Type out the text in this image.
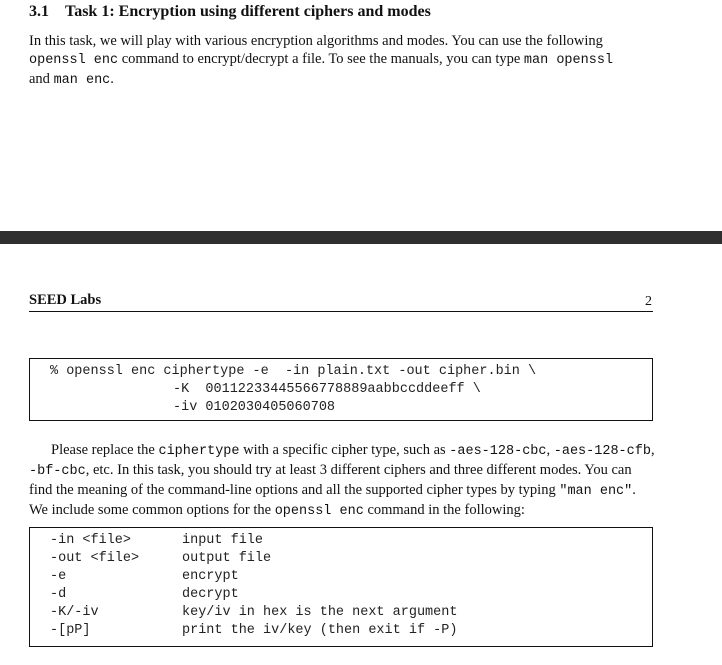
3.1 Task 1: Encryption using different ciphers and modes
In this task, we will play with various encryption algorithms and modes. You can use the following
openssl enc command to encrypt/decrypt a file. To see the manuals, you can type man openssl
and man enc.
SEED Labs	2
% openssl enc ciphertype -e  -in plain.txt -out cipher.bin \
-K  00112233445566778889aabbccddeeff \
-iv 0102030405060708
Please replace the ciphertype with a specific cipher type, such as -aes-128-cbc, -aes-128-cfb,
-bf-cbc, etc. In this task, you should try at least 3 different ciphers and three different modes. You can
find the meaning of the command-line options and all the supported cipher types by typing "man enc".
We include some common options for the openssl enc command in the following:
-in <file>	input file
-out <file>	output file
-e	encrypt
-d	decrypt
-K/-iv	key/iv in hex is the next argument
-[pP]	print the iv/key (then exit if -P)
